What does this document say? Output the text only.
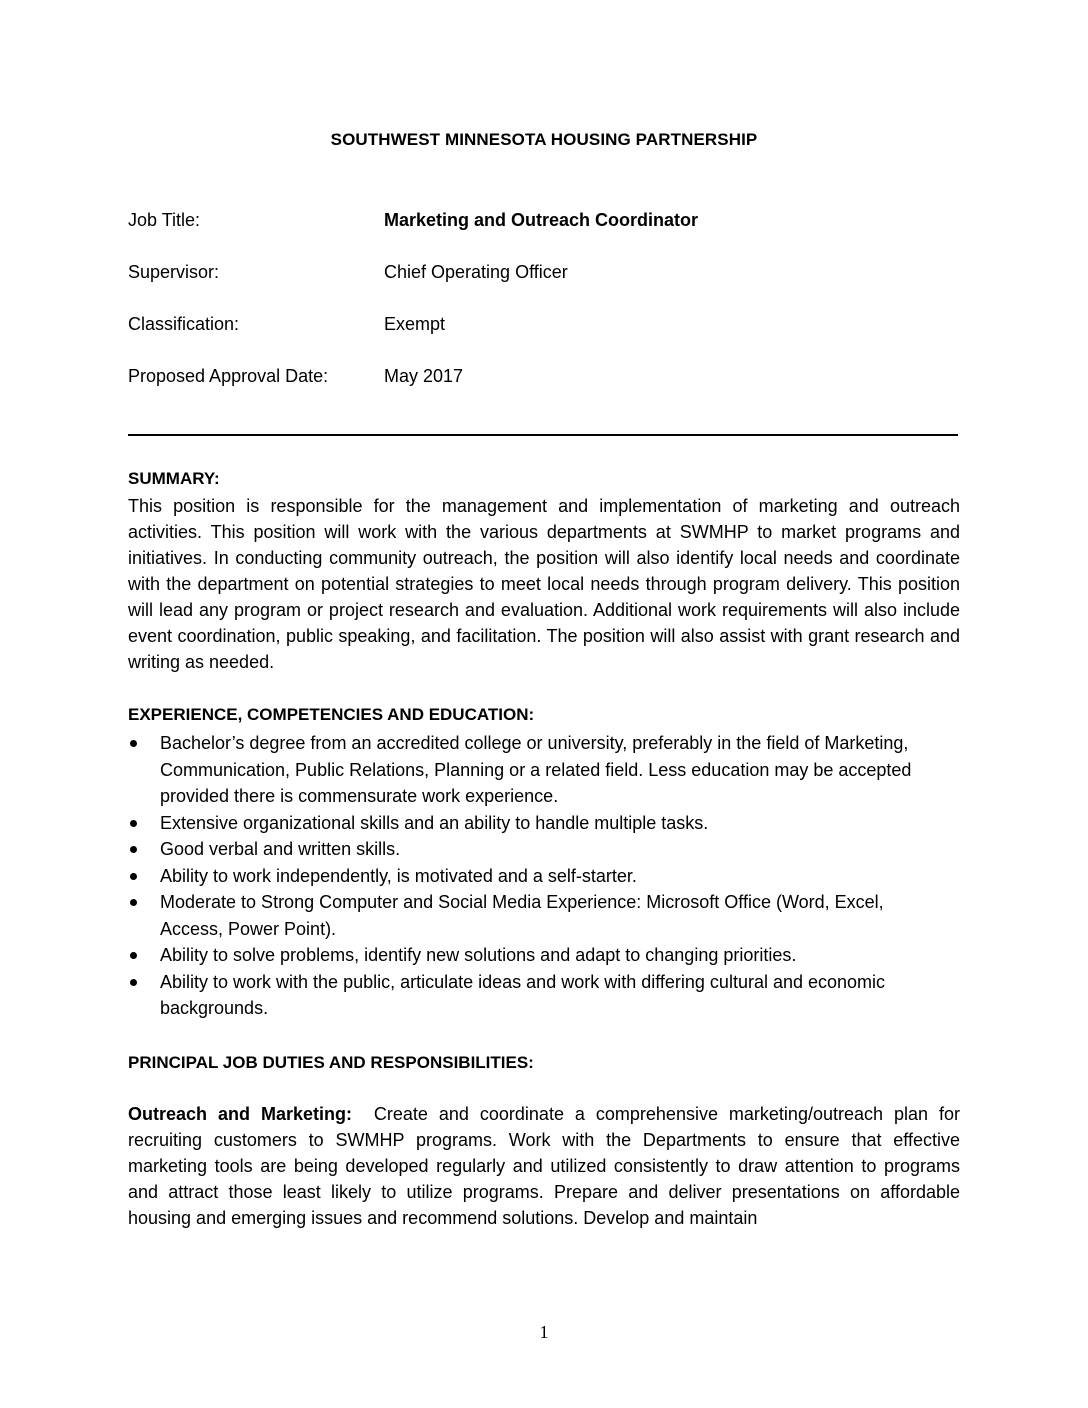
SOUTHWEST MINNESOTA HOUSING PARTNERSHIP
Job Title:	Marketing and Outreach Coordinator
Supervisor:	Chief Operating Officer
Classification:	Exempt
Proposed Approval Date:	May 2017
SUMMARY:
This position is responsible for the management and implementation of marketing and outreach activities. This position will work with the various departments at SWMHP to market programs and initiatives. In conducting community outreach, the position will also identify local needs and coordinate with the department on potential strategies to meet local needs through program delivery. This position will lead any program or project research and evaluation. Additional work requirements will also include event coordination, public speaking, and facilitation. The position will also assist with grant research and writing as needed.
EXPERIENCE, COMPETENCIES AND EDUCATION:
Bachelor’s degree from an accredited college or university, preferably in the field of Marketing, Communication, Public Relations, Planning or a related field. Less education may be accepted provided there is commensurate work experience.
Extensive organizational skills and an ability to handle multiple tasks.
Good verbal and written skills.
Ability to work independently, is motivated and a self-starter.
Moderate to Strong Computer and Social Media Experience: Microsoft Office (Word, Excel, Access, Power Point).
Ability to solve problems, identify new solutions and adapt to changing priorities.
Ability to work with the public, articulate ideas and work with differing cultural and economic backgrounds.
PRINCIPAL JOB DUTIES AND RESPONSIBILITIES:
Outreach and Marketing: Create and coordinate a comprehensive marketing/outreach plan for recruiting customers to SWMHP programs. Work with the Departments to ensure that effective marketing tools are being developed regularly and utilized consistently to draw attention to programs and attract those least likely to utilize programs. Prepare and deliver presentations on affordable housing and emerging issues and recommend solutions. Develop and maintain
1
